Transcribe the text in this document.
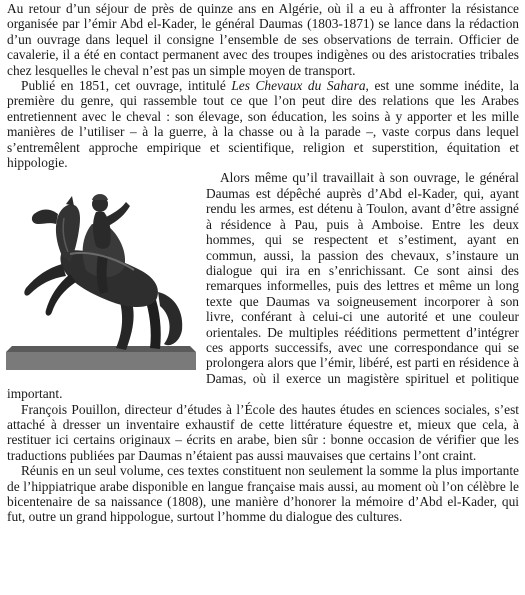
Au retour d’un séjour de près de quinze ans en Algérie, où il a eu à affronter la résistance organisée par l’émir Abd el-Kader, le général Daumas (1803-1871) se lance dans la rédaction d’un ouvrage dans lequel il consigne l’ensemble de ses observations de terrain. Officier de cavalerie, il a été en contact permanent avec des troupes indigènes ou des aristocraties tribales chez lesquelles le cheval n’est pas un simple moyen de transport.

Publié en 1851, cet ouvrage, intitulé Les Chevaux du Sahara, est une somme inédite, la première du genre, qui rassemble tout ce que l’on peut dire des relations que les Arabes entretiennent avec le cheval : son élevage, son éducation, les soins à y apporter et les mille manières de l’utiliser – à la guerre, à la chasse ou à la parade –, vaste corpus dans lequel s’entremêlent approche empirique et scientifique, religion et superstition, équitation et hippologie.

Alors même qu’il travaillait à son ouvrage, le général Daumas est dépêché auprès d’Abd el-Kader, qui, ayant rendu les armes, est détenu à Toulon, avant d’être assigné à résidence à Pau, puis à Amboise. Entre les deux hommes, qui se respectent et s’estiment, ayant en commun, aussi, la passion des chevaux, s’instaure un dialogue qui ira en s’enrichissant. Ce sont ainsi des remarques informelles, puis des lettres et même un long texte que Daumas va soigneusement incorporer à son livre, conférant à celui-ci une autorité et une couleur orientales. De multiples rééditions permettent d’intégrer ces apports successifs, avec une correspondance qui se prolongera alors que l’émir, libéré, est parti en résidence à Damas, où il exerce un magistère spirituel et politique important.

François Pouillon, directeur d’études à l’École des hautes études en sciences sociales, s’est attaché à dresser un inventaire exhaustif de cette littérature équestre et, mieux que cela, à restituer ici certains originaux – écrits en arabe, bien sûr : bonne occasion de vérifier que les traductions publiées par Daumas n’étaient pas aussi mauvaises que certains l’ont craint.

Réunis en un seul volume, ces textes constituent non seulement la somme la plus importante de l’hippiatrique arabe disponible en langue française mais aussi, au moment où l’on célèbre le bicentenaire de sa naissance (1808), une manière d’honorer la mémoire d’Abd el-Kader, qui fut, outre un grand hippologue, surtout l’homme du dialogue des cultures.
